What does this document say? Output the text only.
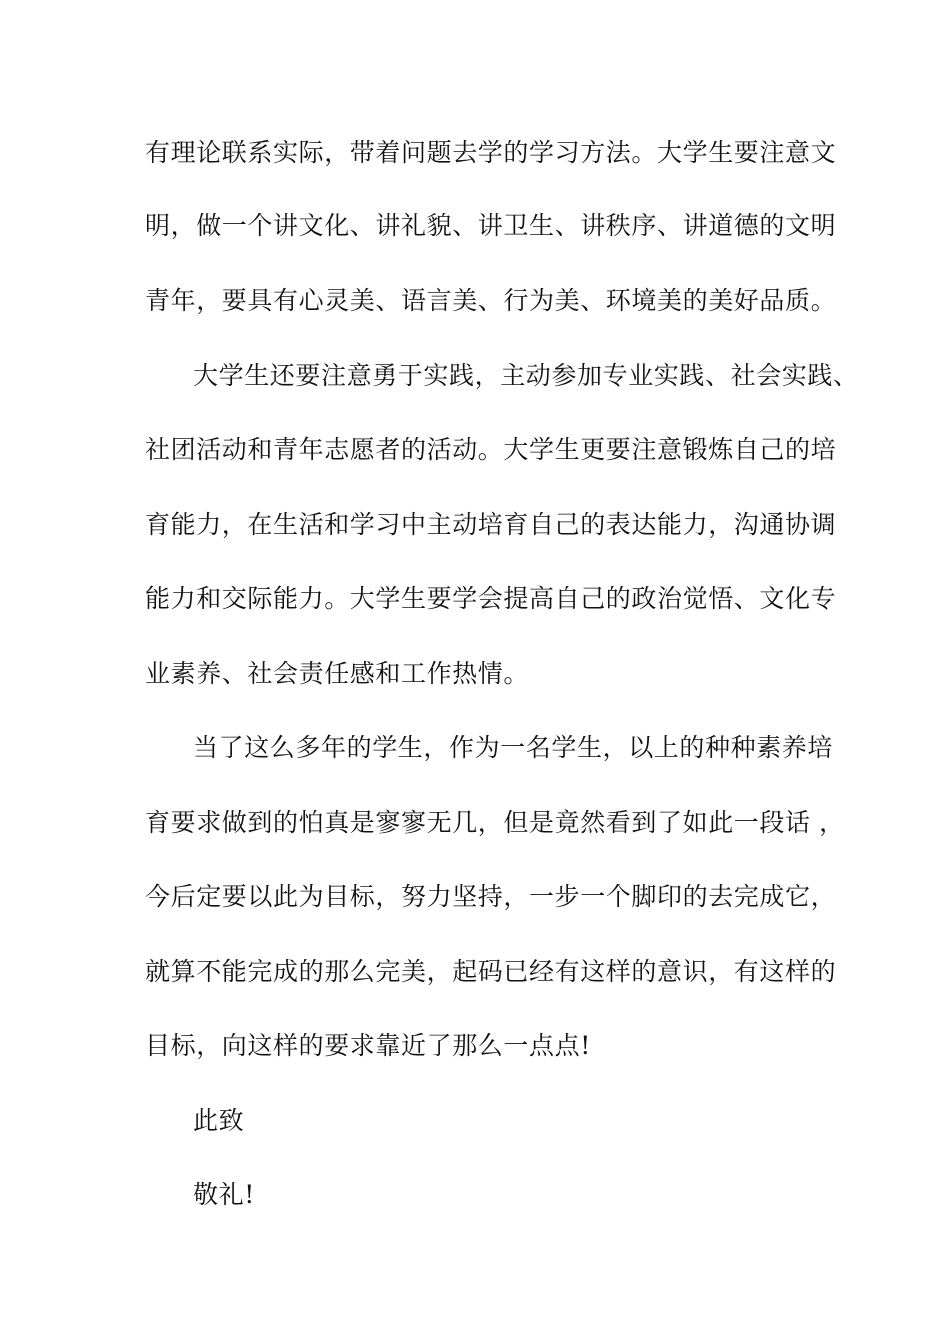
有理论联系实际，带着问题去学的学习方法。大学生要注意文
明，做一个讲文化、讲礼貌、讲卫生、讲秩序、讲道德的文明
青年，要具有心灵美、语言美、行为美、环境美的美好品质。
大学生还要注意勇于实践，主动参加专业实践、社会实践、
社团活动和青年志愿者的活动。大学生更要注意锻炼自己的培
育能力，在生活和学习中主动培育自己的表达能力，沟通协调
能力和交际能力。大学生要学会提高自己的政治觉悟、文化专
业素养、社会责任感和工作热情。
当了这么多年的学生，作为一名学生，以上的种种素养培
育要求做到的怕真是寥寥无几，但是竟然看到了如此一段话 ，
今后定要以此为目标，努力坚持，一步一个脚印的去完成它，
就算不能完成的那么完美，起码已经有这样的意识，有这样的
目标，向这样的要求靠近了那么一点点!
此致
敬礼!
